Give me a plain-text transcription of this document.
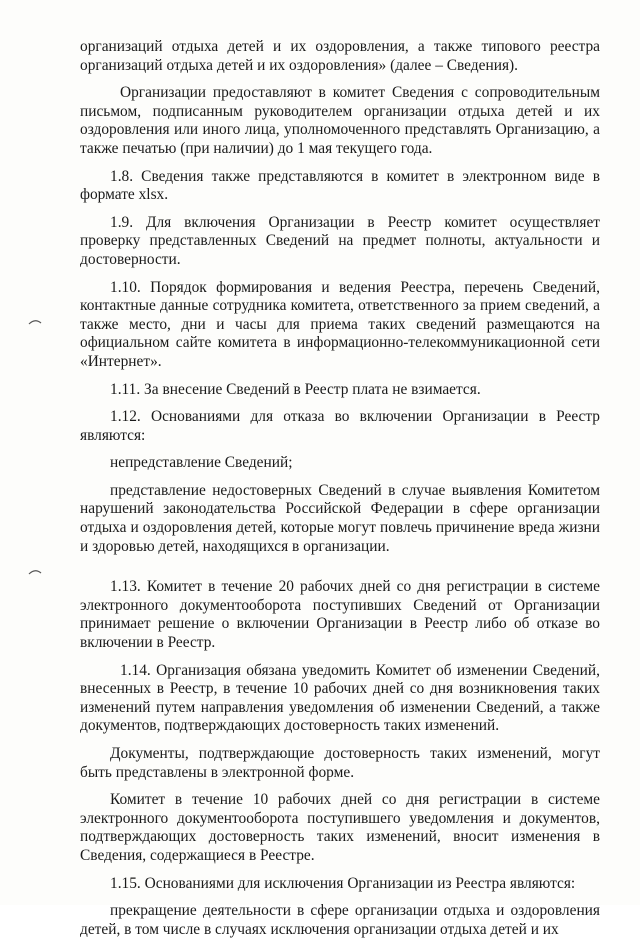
организаций отдыха детей и их оздоровления, а также типового реестра организаций отдыха детей и их оздоровления» (далее – Сведения).

Организации предоставляют в комитет Сведения с сопроводительным письмом, подписанным руководителем организации отдыха детей и их оздоровления или иного лица, уполномоченного представлять Организацию, а также печатью (при наличии) до 1 мая текущего года.

1.8. Сведения также представляются в комитет в электронном виде в формате xlsx.

1.9. Для включения Организации в Реестр комитет осуществляет проверку представленных Сведений на предмет полноты, актуальности и достоверности.

1.10. Порядок формирования и ведения Реестра, перечень Сведений, контактные данные сотрудника комитета, ответственного за прием сведений, а также место, дни и часы для приема таких сведений размещаются на официальном сайте комитета в информационно-телекоммуникационной сети «Интернет».

1.11. За внесение Сведений в Реестр плата не взимается.

1.12. Основаниями для отказа во включении Организации в Реестр являются:

непредставление Сведений;

представление недостоверных Сведений в случае выявления Комитетом нарушений законодательства Российской Федерации в сфере организации отдыха и оздоровления детей, которые могут повлечь причинение вреда жизни и здоровью детей, находящихся в организации.

1.13. Комитет в течение 20 рабочих дней со дня регистрации в системе электронного документооборота поступивших Сведений от Организации принимает решение о включении Организации в Реестр либо об отказе во включении в Реестр.

1.14. Организация обязана уведомить Комитет об изменении Сведений, внесенных в Реестр, в течение 10 рабочих дней со дня возникновения таких изменений путем направления уведомления об изменении Сведений, а также документов, подтверждающих достоверность таких изменений.

Документы, подтверждающие достоверность таких изменений, могут быть представлены в электронной форме.

Комитет в течение 10 рабочих дней со дня регистрации в системе электронного документооборота поступившего уведомления и документов, подтверждающих достоверность таких изменений, вносит изменения в Сведения, содержащиеся в Реестре.

1.15. Основаниями для исключения Организации из Реестра являются:

прекращение деятельности в сфере организации отдыха и оздоровления детей, в том числе в случаях исключения организации отдыха детей и их
